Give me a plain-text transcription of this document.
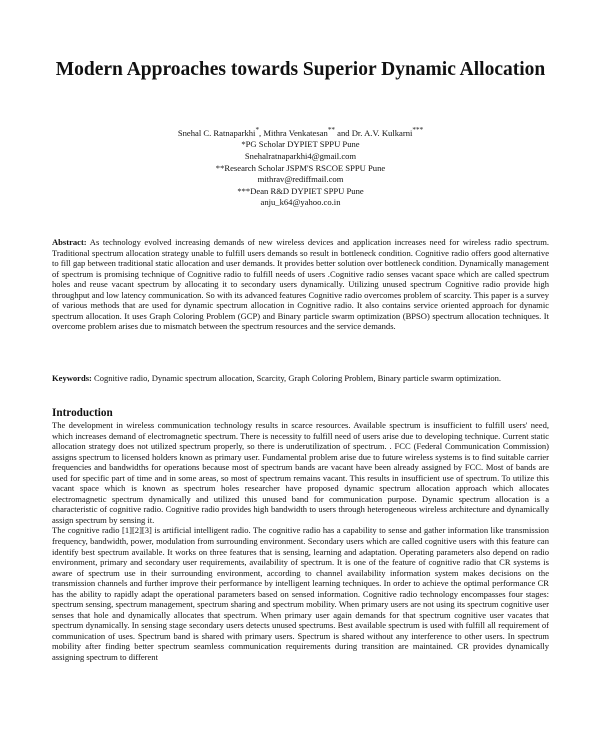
Modern Approaches towards Superior Dynamic Allocation
Snehal C. Ratnaparkhi*, Mithra Venkatesan** and Dr. A.V. Kulkarni***
*PG Scholar DYPIET SPPU Pune
Snehalratnaparkhi4@gmail.com
**Research Scholar JSPM'S RSCOE SPPU Pune
mithrav@rediffmail.com
***Dean R&D DYPIET SPPU Pune
anju_k64@yahoo.co.in

Abstract: As technology evolved increasing demands of new wireless devices and application increases need for wireless radio spectrum. Traditional spectrum allocation strategy unable to fulfill users demands so result in bottleneck condition. Cognitive radio offers good alternative to fill gap between traditional static allocation and user demands. It provides better solution over bottleneck condition. Dynamically management of spectrum is promising technique of Cognitive radio to fulfill needs of users .Cognitive radio senses vacant space which are called spectrum holes and reuse vacant spectrum by allocating it to secondary users dynamically. Utilizing unused spectrum Cognitive radio provide high throughput and low latency communication. So with its advanced features Cognitive radio overcomes problem of scarcity. This paper is a survey of various methods that are used for dynamic spectrum allocation in Cognitive radio. It also contains service oriented approach for dynamic spectrum allocation. It uses Graph Coloring Problem (GCP) and Binary particle swarm optimization (BPSO) spectrum allocation techniques. It overcome problem arises due to mismatch between the spectrum resources and the service demands.

Keywords: Cognitive radio, Dynamic spectrum allocation, Scarcity, Graph Coloring Problem, Binary particle swarm optimization.

Introduction

The development in wireless communication technology results in scarce resources. Available spectrum is insufficient to fulfill users' need, which increases demand of electromagnetic spectrum. There is necessity to fulfill need of users arise due to developing technique. Current static allocation strategy does not utilized spectrum properly, so there is underutilization of spectrum. . FCC (Federal Communication Commission) assigns spectrum to licensed holders known as primary user. Fundamental problem arise due to future wireless systems is to find suitable carrier frequencies and bandwidths for operations because most of spectrum bands are vacant have been already assigned by FCC. Most of bands are used for specific part of time and in some areas, so most of spectrum remains vacant. This results in insufficient use of spectrum. To utilize this vacant space which is known as spectrum holes researcher have proposed dynamic spectrum allocation approach which allocates electromagnetic spectrum dynamically and utilized this unused band for communication purpose. Dynamic spectrum allocation is a characteristic of cognitive radio. Cognitive radio provides high bandwidth to users through heterogeneous wireless architecture and dynamically assign spectrum by sensing it.

The cognitive radio [1][2][3] is artificial intelligent radio. The cognitive radio has a capability to sense and gather information like transmission frequency, bandwidth, power, modulation from surrounding environment. Secondary users which are called cognitive users with this feature can identify best spectrum available. It works on three features that is sensing, learning and adaptation. Operating parameters also depend on radio environment, primary and secondary user requirements, availability of spectrum. It is one of the feature of cognitive radio that CR systems is aware of spectrum use in their surrounding environment, according to channel availability information system makes decisions on the transmission channels and further improve their performance by intelligent learning techniques. In order to achieve the optimal performance CR has the ability to rapidly adapt the operational parameters based on sensed information. Cognitive radio technology encompasses four stages: spectrum sensing, spectrum management, spectrum sharing and spectrum mobility. When primary users are not using its spectrum cognitive user senses that hole and dynamically allocates that spectrum. When primary user again demands for that spectrum cognitive user vacates that spectrum dynamically. In sensing stage secondary users detects unused spectrums. Best available spectrum is used with fulfill all requirement of communication of uses. Spectrum band is shared with primary users. Spectrum is shared without any interference to other users. In spectrum mobility after finding better spectrum seamless communication requirements during transition are maintained. CR provides dynamically assigning spectrum to different
